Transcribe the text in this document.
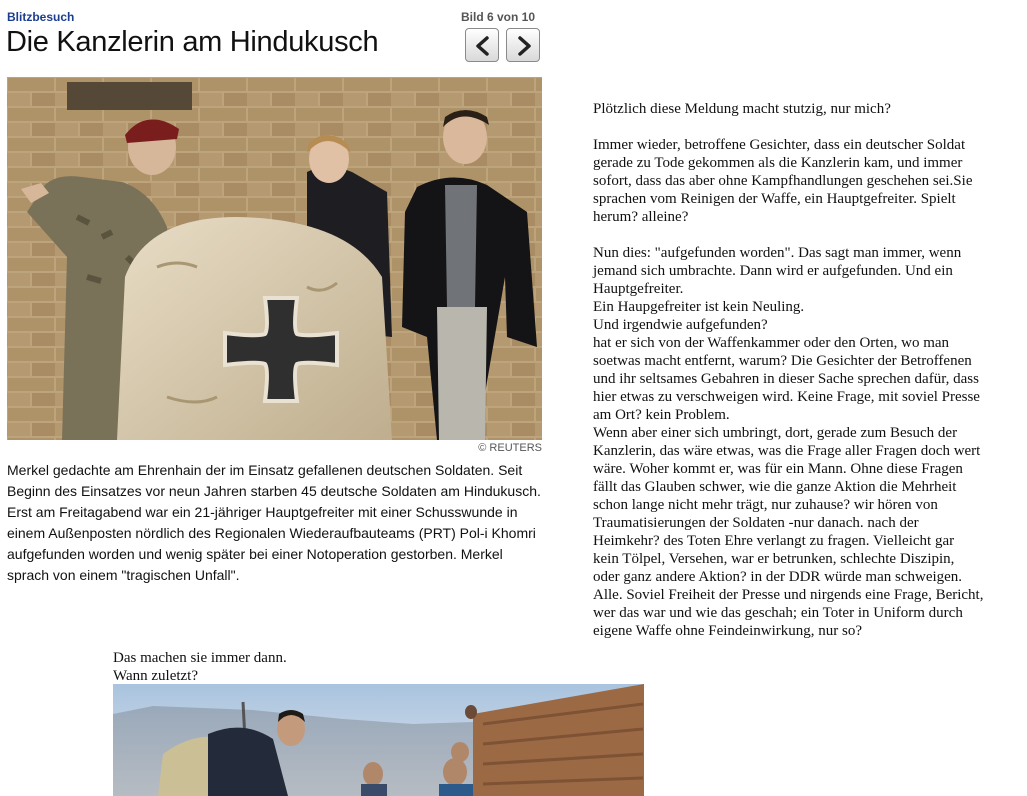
Blitzbesuch	Bild 6 von 10
Die Kanzlerin am Hindukusch
© REUTERS
Merkel gedachte am Ehrenhain der im Einsatz gefallenen deutschen Soldaten. Seit Beginn des Einsatzes vor neun Jahren starben 45 deutsche Soldaten am Hindukusch. Erst am Freitagabend war ein 21-jähriger Hauptgefreiter mit einer Schusswunde in einem Außenposten nördlich des Regionalen Wiederaufbauteams (PRT) Pol-i Khomri aufgefunden worden und wenig später bei einer Notoperation gestorben. Merkel sprach von einem "tragischen Unfall".

Plötzlich diese Meldung macht stutzig, nur mich?

Immer wieder, betroffene Gesichter, dass ein deutscher Soldat
gerade zu Tode gekommen als die Kanzlerin kam, und immer
sofort, dass das aber ohne Kampfhandlungen geschehen sei.Sie
sprachen vom Reinigen der Waffe, ein Hauptgefreiter. Spielt
herum? alleine?

Nun dies: "aufgefunden worden". Das sagt man immer, wenn
jemand sich umbrachte. Dann wird er aufgefunden. Und ein
Hauptgefreiter.
Ein Haupgefreiter ist kein Neuling.
Und irgendwie aufgefunden?
hat er sich von der Waffenkammer oder den Orten, wo man
soetwas macht entfernt, warum? Die Gesichter der Betroffenen
und ihr seltsames Gebahren in dieser Sache sprechen dafür, dass
hier etwas zu verschweigen wird. Keine Frage, mit soviel Presse
am Ort? kein Problem.
Wenn aber einer sich umbringt, dort, gerade zum Besuch der
Kanzlerin, das wäre etwas, was die Frage aller Fragen doch wert
wäre. Woher kommt er, was für ein Mann. Ohne diese Fragen
fällt das Glauben schwer, wie die ganze Aktion die Mehrheit
schon lange nicht mehr trägt, nur zuhause? wir hören von
Traumatisierungen der Soldaten -nur danach. nach der
Heimkehr? des Toten Ehre verlangt zu fragen. Vielleicht gar
kein Tölpel, Versehen, war er betrunken, schlechte Diszipin,
oder ganz andere Aktion? in der DDR würde man schweigen.
Alle. Soviel Freiheit der Presse und nirgends eine Frage, Bericht,
wer das war und wie das geschah; ein Toter in Uniform durch
eigene Waffe ohne Feindeinwirkung, nur so?

Das machen sie immer dann.
Wann zuletzt?
